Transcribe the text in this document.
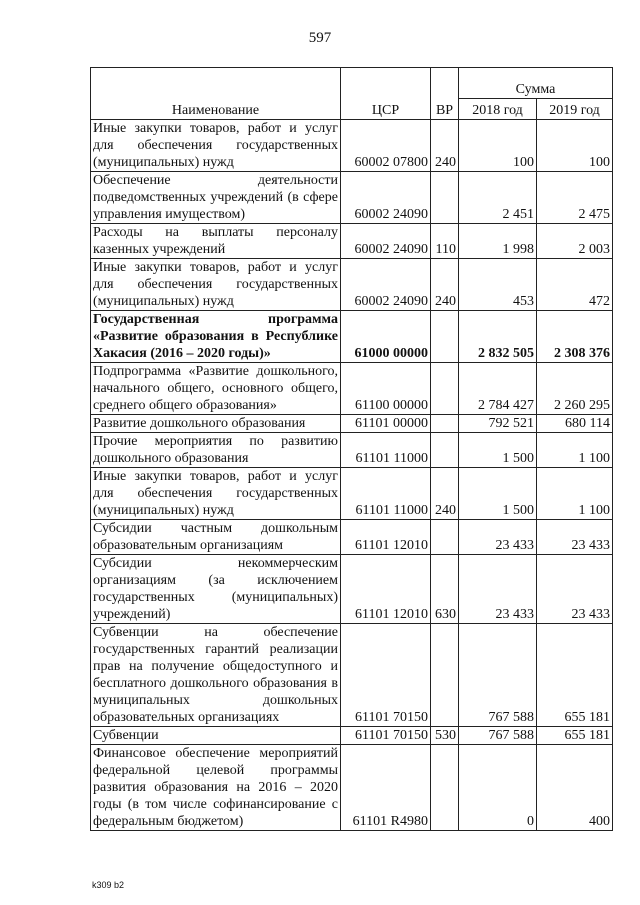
597
Наименование	ЦСР	ВР	Сумма	
			2018 год	2019 год
Иные закупки товаров, работ и услуг для обеспечения государственных (муниципальных) нужд	60002 07800	240	100	100
Обеспечение деятельности подведомственных учреждений (в сфере управления имуществом)	60002 24090		2 451	2 475
Расходы на выплаты персоналу казенных учреждений	60002 24090	110	1 998	2 003
Иные закупки товаров, работ и услуг для обеспечения государственных (муниципальных) нужд	60002 24090	240	453	472
Государственная программа «Развитие образования в Республике Хакасия (2016 – 2020 годы)»	61000 00000		2 832 505	2 308 376
Подпрограмма «Развитие дошкольного, начального общего, основного общего, среднего общего образования»	61100 00000		2 784 427	2 260 295
Развитие дошкольного образования	61101 00000		792 521	680 114
Прочие мероприятия по развитию дошкольного образования	61101 11000		1 500	1 100
Иные закупки товаров, работ и услуг для обеспечения государственных (муниципальных) нужд	61101 11000	240	1 500	1 100
Субсидии частным дошкольным образовательным организациям	61101 12010		23 433	23 433
Субсидии некоммерческим организациям (за исключением государственных (муниципальных) учреждений)	61101 12010	630	23 433	23 433
Субвенции на обеспечение государственных гарантий реализации прав на получение общедоступного и бесплатного дошкольного образования в муниципальных дошкольных образовательных организациях	61101 70150		767 588	655 181
Субвенции	61101 70150	530	767 588	655 181
Финансовое обеспечение мероприятий федеральной целевой программы развития образования на 2016 – 2020 годы (в том числе софинансирование с федеральным бюджетом)	61101 R4980		0	400
k309 b2
